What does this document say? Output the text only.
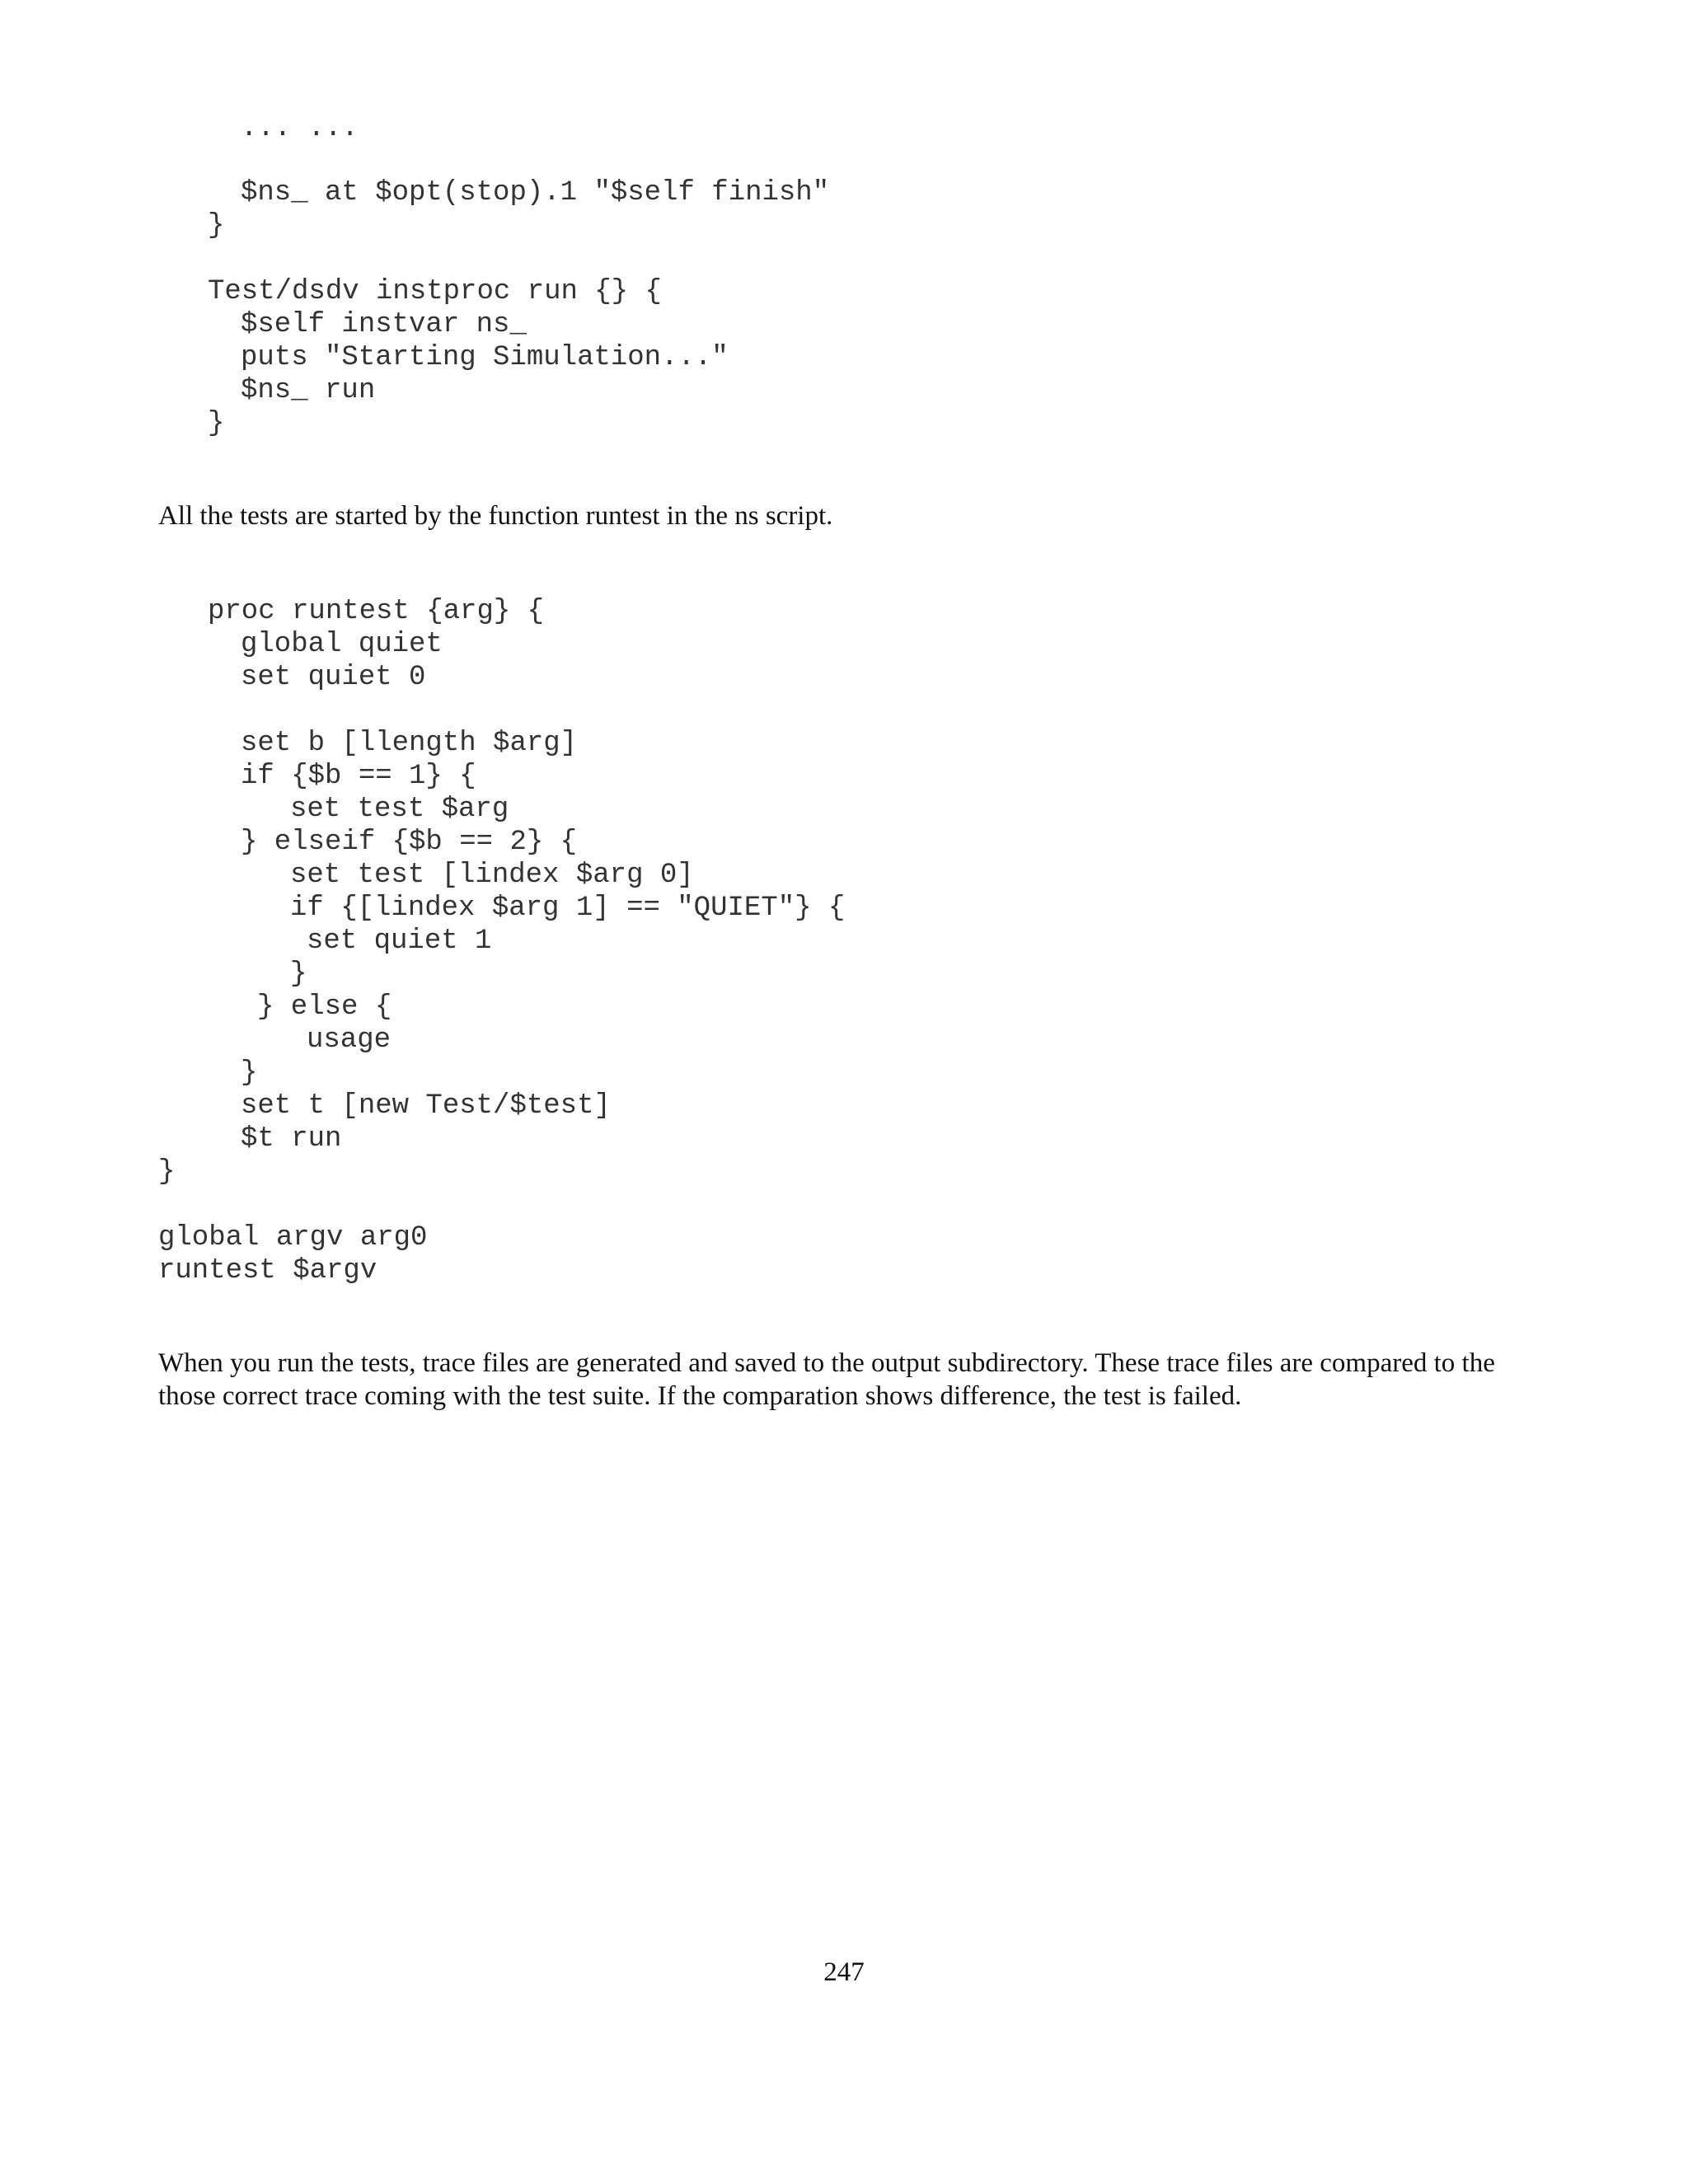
... ...
$ns_ at $opt(stop).1 "$self finish"
}
Test/dsdv instproc run {} {
$self instvar ns_
puts "Starting Simulation..."
$ns_ run
}

All the tests are started by the function runtest in the ns script.

proc runtest {arg} {
global quiet
set quiet 0
set b [llength $arg]
if {$b == 1} {
set test $arg
} elseif {$b == 2} {
set test [lindex $arg 0]
if {[lindex $arg 1] == "QUIET"} {
set quiet 1
}
} else {
usage
}
set t [new Test/$test]
$t run
}
global argv arg0
runtest $argv

When you run the tests, trace files are generated and saved to the output subdirectory. These trace files are compared to the

those correct trace coming with the test suite. If the comparation shows difference, the test is failed.

247
